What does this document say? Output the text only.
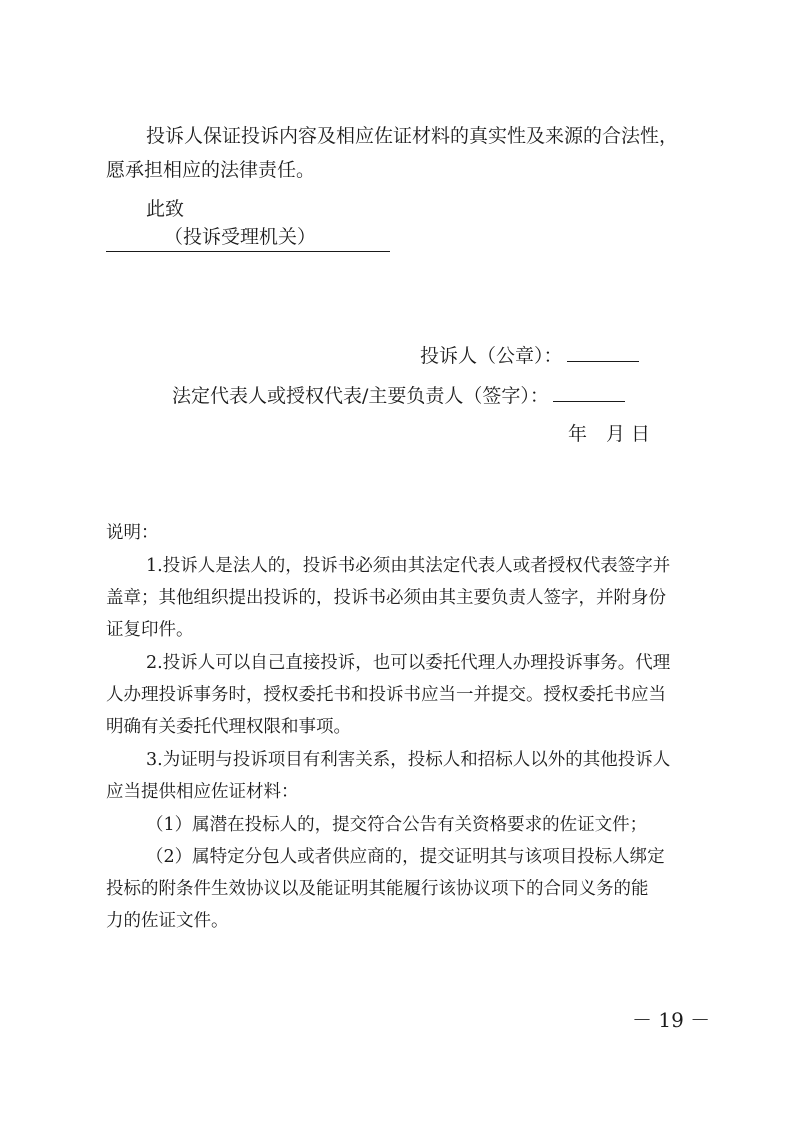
投诉人保证投诉内容及相应佐证材料的真实性及来源的合法性，
愿承担相应的法律责任。
此致
（投诉受理机关）
投诉人（公章）：
法定代表人或授权代表/主要负责人（签字）：
年　月 日
说明：
1.投诉人是法人的，投诉书必须由其法定代表人或者授权代表签字并
盖章；其他组织提出投诉的，投诉书必须由其主要负责人签字，并附身份
证复印件。
2.投诉人可以自己直接投诉，也可以委托代理人办理投诉事务。代理
人办理投诉事务时，授权委托书和投诉书应当一并提交。授权委托书应当
明确有关委托代理权限和事项。
3.为证明与投诉项目有利害关系，投标人和招标人以外的其他投诉人
应当提供相应佐证材料：
（1）属潜在投标人的，提交符合公告有关资格要求的佐证文件；
（2）属特定分包人或者供应商的，提交证明其与该项目投标人绑定
投标的附条件生效协议以及能证明其能履行该协议项下的合同义务的能
力的佐证文件。
－ 19 －
